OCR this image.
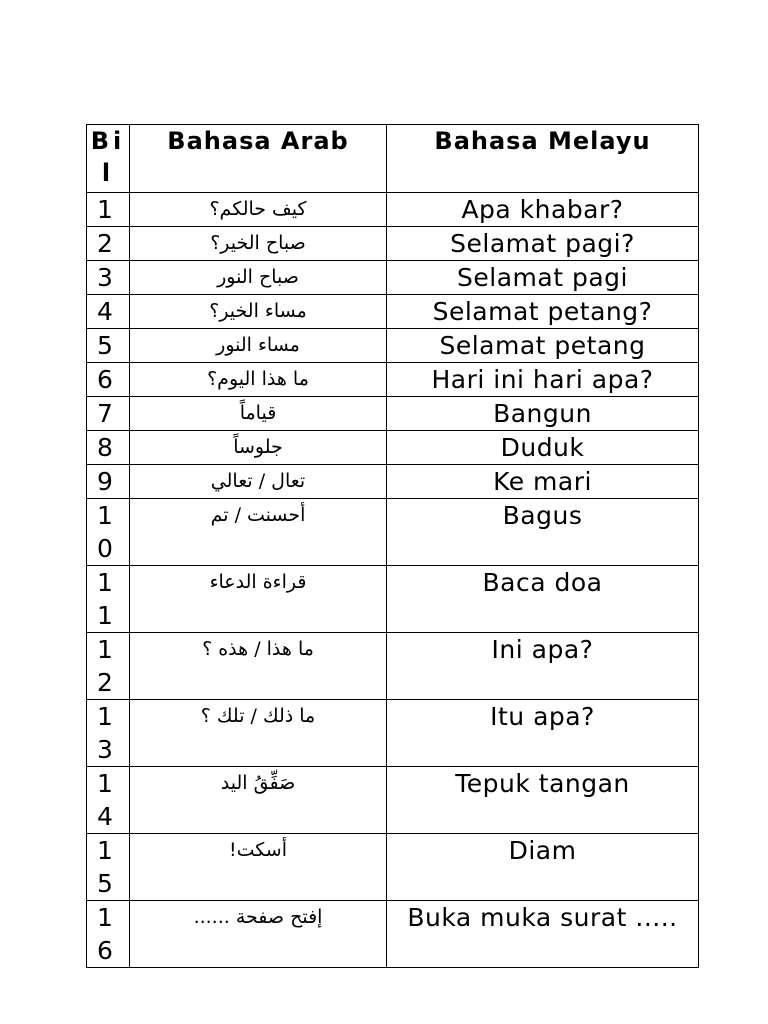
Bil	Bahasa Arab	Bahasa Melayu
1	كيف حالكم؟	Apa khabar?
2	صباح الخير؟	Selamat pagi?
3	صباح النور	Selamat pagi
4	مساء الخير؟	Selamat petang?
5	مساء النور	Selamat petang
6	ما هذا اليوم؟	Hari ini hari apa?
7	قياماً	Bangun
8	جلوساً	Duduk
9	تعال / تعالي	Ke mari
10	أحسنت / تم	Bagus
11	قراءة الدعاء	Baca doa
12	ما هذا / هذه ؟	Ini apa?
13	ما ذلك / تلك ؟	Itu apa?
14	صَفِّقُ اليد	Tepuk tangan
15	أسكت!	Diam
16	إفتح صفحة ......	Buka muka surat .....
